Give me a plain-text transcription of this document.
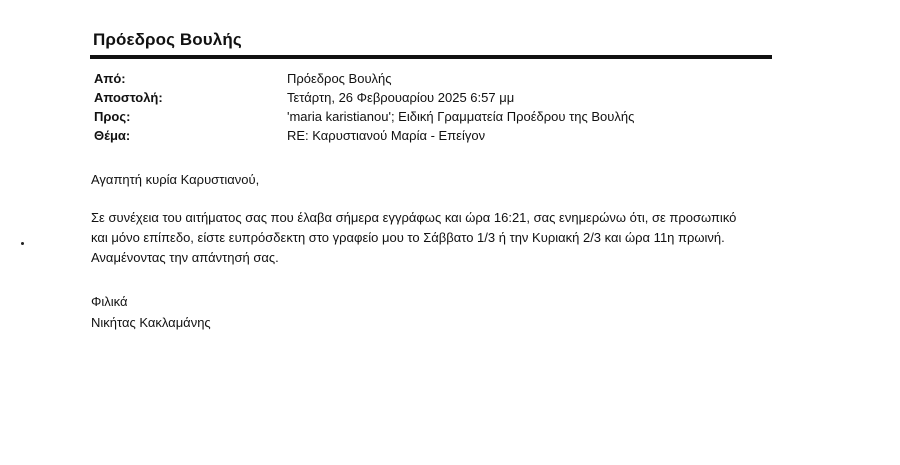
Πρόεδρος Βουλής
Από:	Πρόεδρος Βουλής
Αποστολή:	Τετάρτη, 26 Φεβρουαρίου 2025 6:57 μμ
Προς:	'maria karistianou'; Ειδική Γραμματεία Προέδρου της Βουλής
Θέμα:	RE: Καρυστιανού Μαρία - Επείγον
Αγαπητή κυρία Καρυστιανού,
Σε συνέχεια του αιτήματος σας που έλαβα σήμερα εγγράφως και ώρα 16:21, σας ενημερώνω ότι, σε προσωπικό
και μόνο επίπεδο, είστε ευπρόσδεκτη στο γραφείο μου το Σάββατο 1/3 ή την Κυριακή 2/3 και ώρα 11η πρωινή.
Αναμένοντας την απάντησή σας.
Φιλικά
Νικήτας Κακλαμάνης
